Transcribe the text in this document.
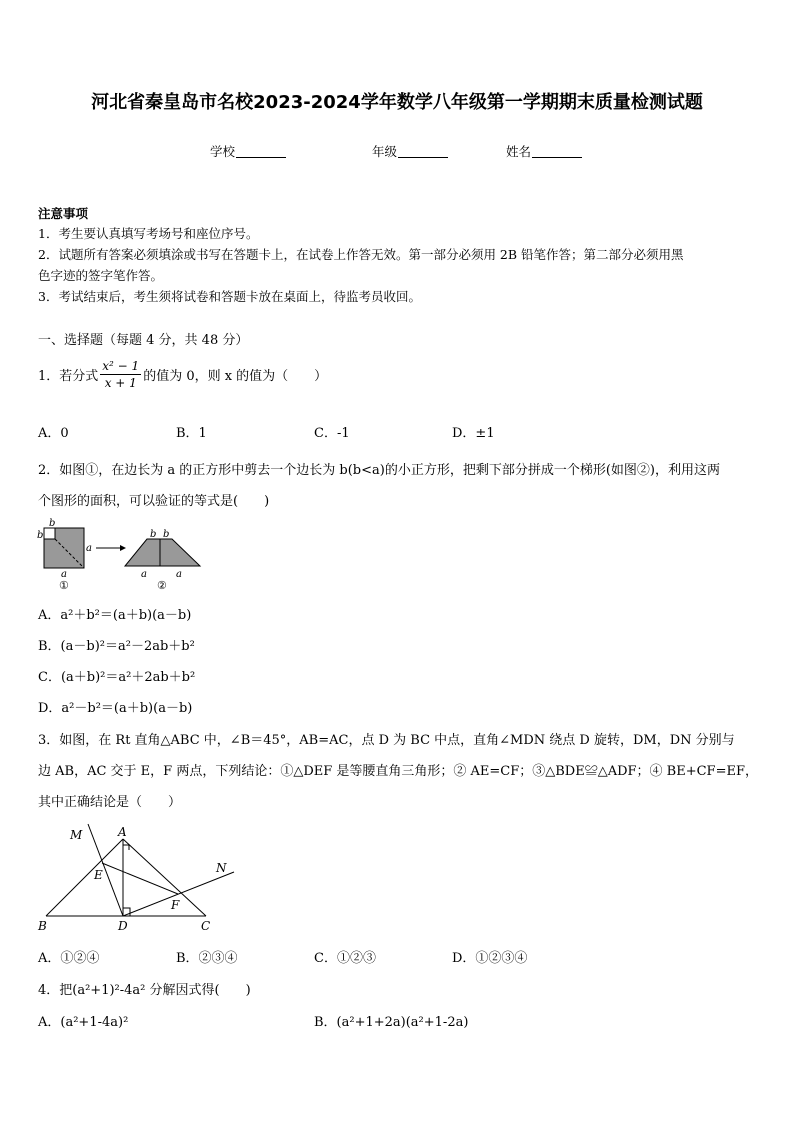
河北省秦皇岛市名校2023-2024学年数学八年级第一学期期末质量检测试题
学校	年级	姓名
注意事项
1．考生要认真填写考场号和座位序号。
2．试题所有答案必须填涂或书写在答题卡上，在试卷上作答无效。第一部分必须用 2B 铅笔作答；第二部分必须用黑
色字迹的签字笔作答。
3．考试结束后，考生须将试卷和答题卡放在桌面上，待监考员收回。
一、选择题（每题 4 分，共 48 分）
1．若分式 $\frac{\text{x² − 1}}{x + 1}$ 的值为 0，则 x 的值为（　　）
A．0	B．1	C．-1	D．±1
2．如图①，在边长为 a 的正方形中剪去一个边长为 b(b<a)的小正方形，把剩下部分拼成一个梯形(如图②)，利用这两
个图形的面积，可以验证的等式是(　　)
b
b
a
a
①
b b
a	a
②
A．a²＋b²＝(a＋b)(a－b)
B．(a－b)²＝a²－2ab＋b²
C．(a＋b)²＝a²＋2ab＋b²
D．a²－b²＝(a＋b)(a－b)
3．如图，在 Rt 直角△ABC 中，∠B＝45°，AB=AC，点 D 为 BC 中点，直角∠MDN 绕点 D 旋转，DM，DN 分别与
边 AB，AC 交于 E，F 两点，下列结论：①△DEF 是等腰直角三角形；② AE=CF；③△BDE≌△ADF；④ BE+CF=EF，
其中正确结论是（　　）
M	A
N
E
F
B	D	C
A．①②④	B．②③④	C．①②③	D．①②③④
4．把(a²+1)²-4a² 分解因式得(　　)
A．(a²+1-4a)²	B．(a²+1+2a)(a²+1-2a)
